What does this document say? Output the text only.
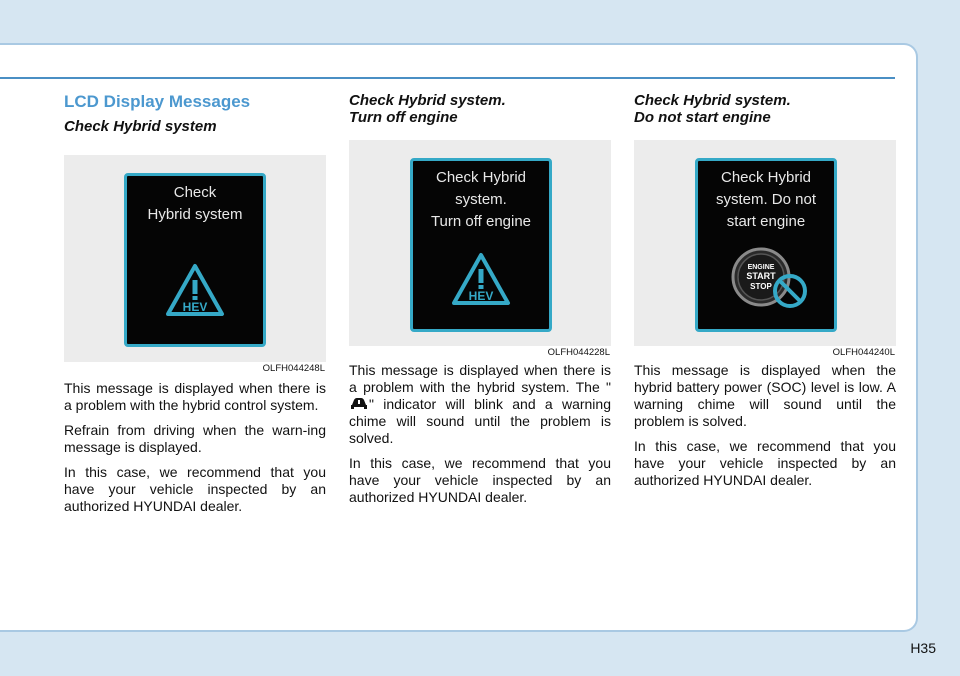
LCD Display Messages
Check Hybrid system
Check
Hybrid system
HEV
OLFH044248L

This message is displayed when there is a problem with the hybrid control system.

Refrain from driving when the warn-ing message is displayed.

In this case, we recommend that you have your vehicle inspected by an authorized HYUNDAI dealer.

Check Hybrid system.
Turn off engine
Check Hybrid
system.
Turn off engine
HEV
OLFH044228L

This message is displayed when there is a problem with the hybrid system. The "" indicator will blink and a warning chime will sound until the problem is solved.

In this case, we recommend that you have your vehicle inspected by an authorized HYUNDAI dealer.

Check Hybrid system.
Do not start engine
Check Hybrid
system. Do not
start engine
ENGINE
START
STOP
OLFH044240L

This message is displayed when the hybrid battery power (SOC) level is low. A warning chime will sound until the problem is solved.

In this case, we recommend that you have your vehicle inspected by an authorized HYUNDAI dealer.

H35
